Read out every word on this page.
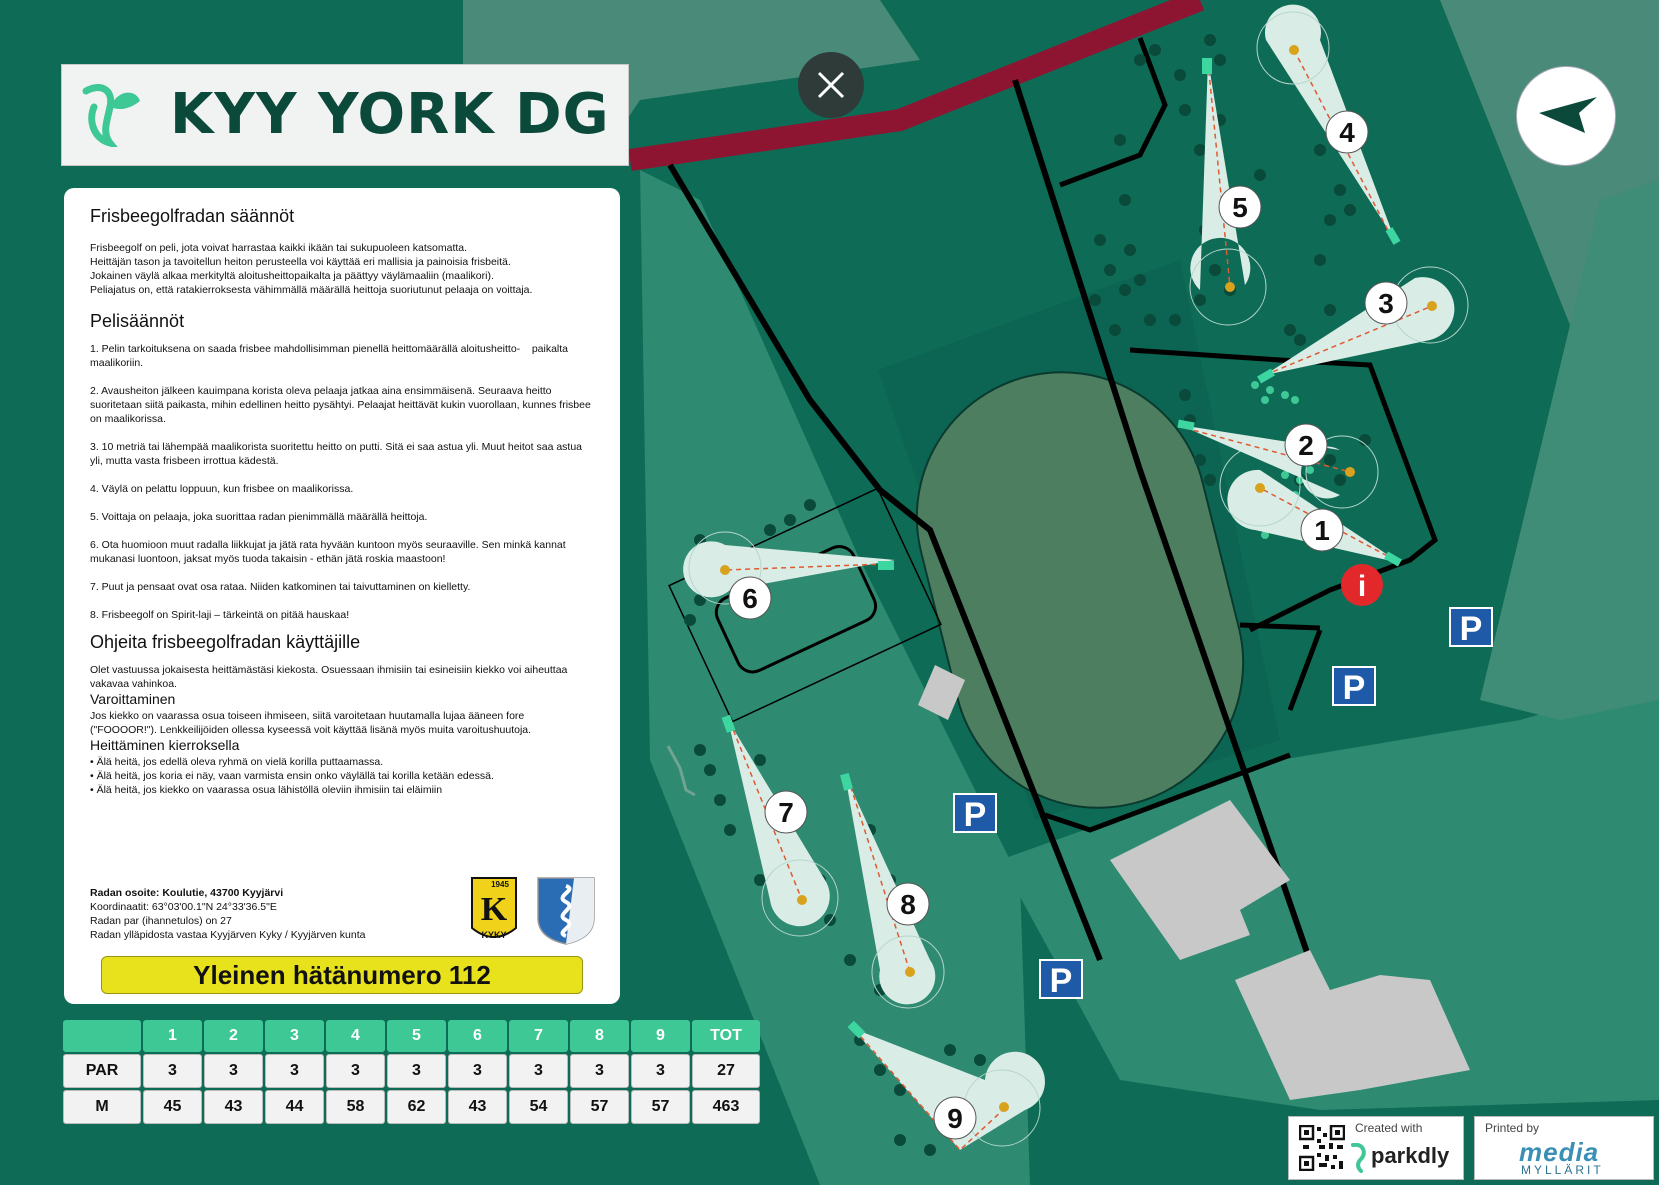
1
2
3
4
5
6
7
8
9
i
P
P
P
P
KYY YORK DG
Frisbeegolfradan säännöt

Frisbeegolf on peli, jota voivat harrastaa kaikki ikään tai sukupuoleen katsomatta.

Heittäjän tason ja tavoitellun heiton perusteella voi käyttää eri mallisia ja painoisia frisbeitä.

Jokainen väylä alkaa merkityltä aloitusheittopaikalta ja päättyy väylämaaliin (maalikori).

Peliajatus on, että ratakierroksesta vähimmällä määrällä heittoja suoriutunut pelaaja on voittaja.

Pelisäännöt
1. Pelin tarkoituksena on saada frisbee mahdollisimman pienellä heittomäärällä aloitusheitto-    paikalta maalikoriin.
2. Avausheiton jälkeen kauimpana korista oleva pelaaja jatkaa aina ensimmäisenä. Seuraava heitto suoritetaan siitä paikasta, mihin edellinen heitto pysähtyi. Pelaajat heittävät kukin vuorollaan, kunnes frisbee on maalikorissa.
3. 10 metriä tai lähempää maalikorista suoritettu heitto on putti. Sitä ei saa astua yli. Muut heitot saa astua yli, mutta vasta frisbeen irrottua kädestä.
4. Väylä on pelattu loppuun, kun frisbee on maalikorissa.
5. Voittaja on pelaaja, joka suorittaa radan pienimmällä määrällä heittoja.
6. Ota huomioon muut radalla liikkujat ja jätä rata hyvään kuntoon myös seuraaville. Sen minkä kannat mukanasi luontoon, jaksat myös tuoda takaisin - ethän jätä roskia maastoon!
7. Puut ja pensaat ovat osa rataa. Niiden katkominen tai taivuttaminen on kielletty.
8. Frisbeegolf on Spirit-laji – tärkeintä on pitää hauskaa!
Ohjeita frisbeegolfradan käyttäjille

Olet vastuussa jokaisesta heittämästäsi kiekosta. Osuessaan ihmisiin tai esineisiin kiekko voi aiheuttaa vakavaa vahinkoa.

Varoittaminen

Jos kiekko on vaarassa osua toiseen ihmiseen, siitä varoitetaan huutamalla lujaa ääneen fore ("FOOOOR!"). Lenkkeilijöiden ollessa kyseessä voit käyttää lisänä myös muita varoitushuutoja.

Heittäminen kierroksella
• Älä heitä, jos edellä oleva ryhmä on vielä korilla puttaamassa.
• Älä heitä, jos koria ei näy, vaan varmista ensin onko väylällä tai korilla ketään edessä.
• Älä heitä, jos kiekko on vaarassa osua lähistöllä oleviin ihmisiin tai eläimiin
Radan osoite: Koulutie, 43700 Kyyjärvi
Koordinaatit: 63°03'00.1"N 24°33'36.5"E
Radan par (ihannetulos) on 27
Radan ylläpidosta vastaa Kyyjärven Kyky / Kyyjärven kunta
1945
K
KYKY
Yleinen hätänumero 112
	1	2	3	4	5	6	7	8	9	TOT
PAR	3	3	3	3	3	3	3	3	3	27
M	45	43	44	58	62	43	54	57	57	463
Created with
parkdly
Printed by
media
MYLLÄRIT
